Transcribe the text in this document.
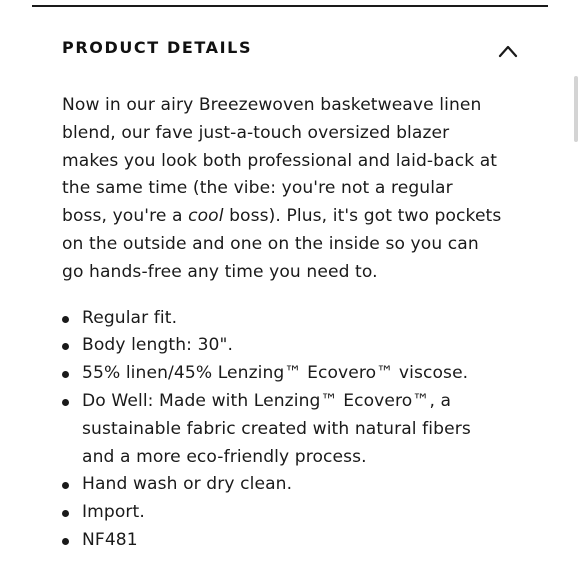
PRODUCT DETAILS

Now in our airy Breezewoven basketweave linen blend, our fave just-a-touch oversized blazer makes you look both professional and laid-back at the same time (the vibe: you're not a regular boss, you're a cool boss). Plus, it's got two pockets on the outside and one on the inside so you can go hands-free any time you need to.

Regular fit.
Body length: 30".
55% linen/45% Lenzing™ Ecovero™ viscose.
Do Well: Made with Lenzing™ Ecovero™, a sustainable fabric created with natural fibers and a more eco-friendly process.
Hand wash or dry clean.
Import.
NF481
